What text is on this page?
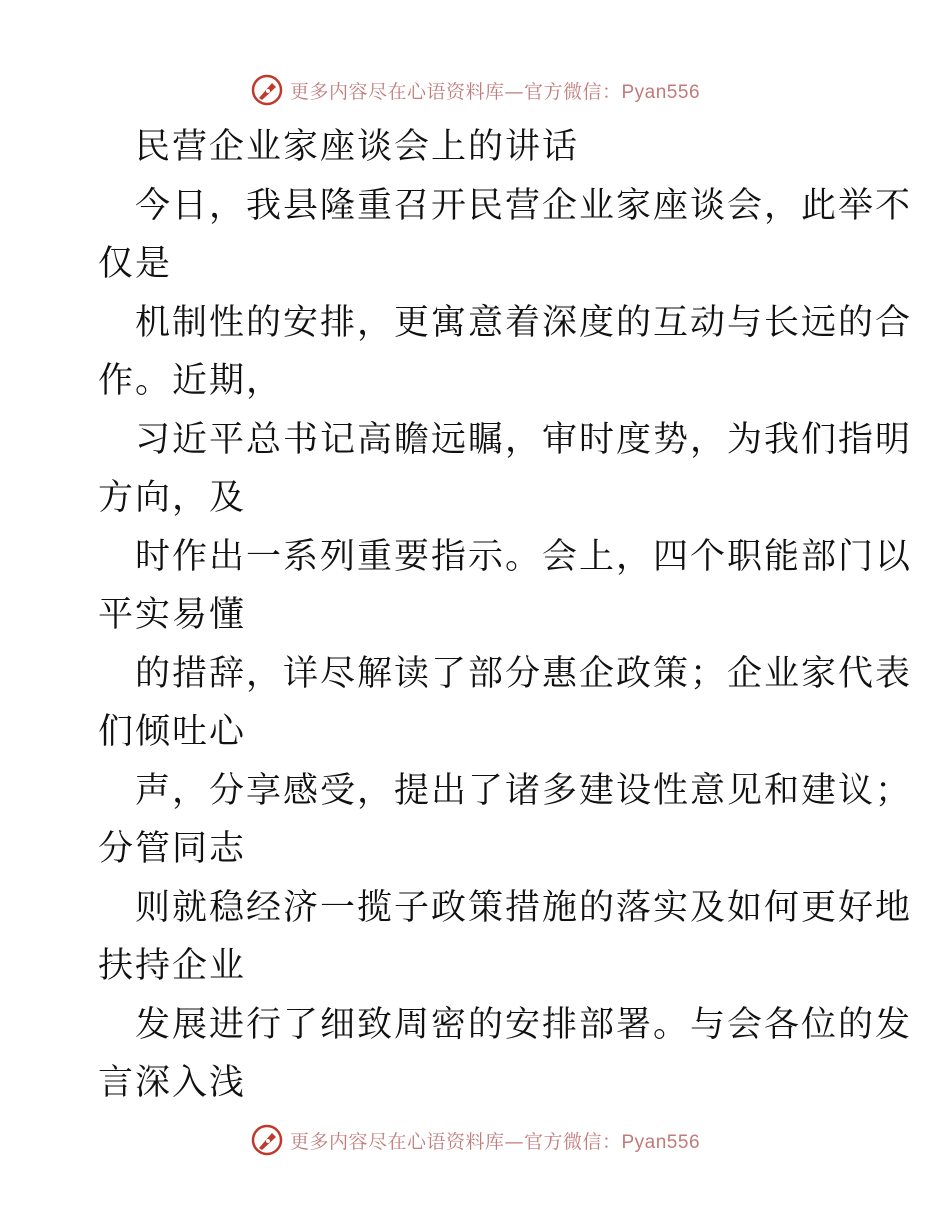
更多内容尽在心语资料库—官方微信：Pyan556
民营企业家座谈会上的讲话
今日，我县隆重召开民营企业家座谈会，此举不
仅是
机制性的安排，更寓意着深度的互动与长远的合
作。近期，
习近平总书记高瞻远瞩，审时度势，为我们指明
方向，及
时作出一系列重要指示。会上，四个职能部门以
平实易懂
的措辞，详尽解读了部分惠企政策；企业家代表
们倾吐心
声，分享感受，提出了诸多建设性意见和建议；
分管同志
则就稳经济一揽子政策措施的落实及如何更好地
扶持企业
发展进行了细致周密的安排部署。与会各位的发
言深入浅
更多内容尽在心语资料库—官方微信：Pyan556
